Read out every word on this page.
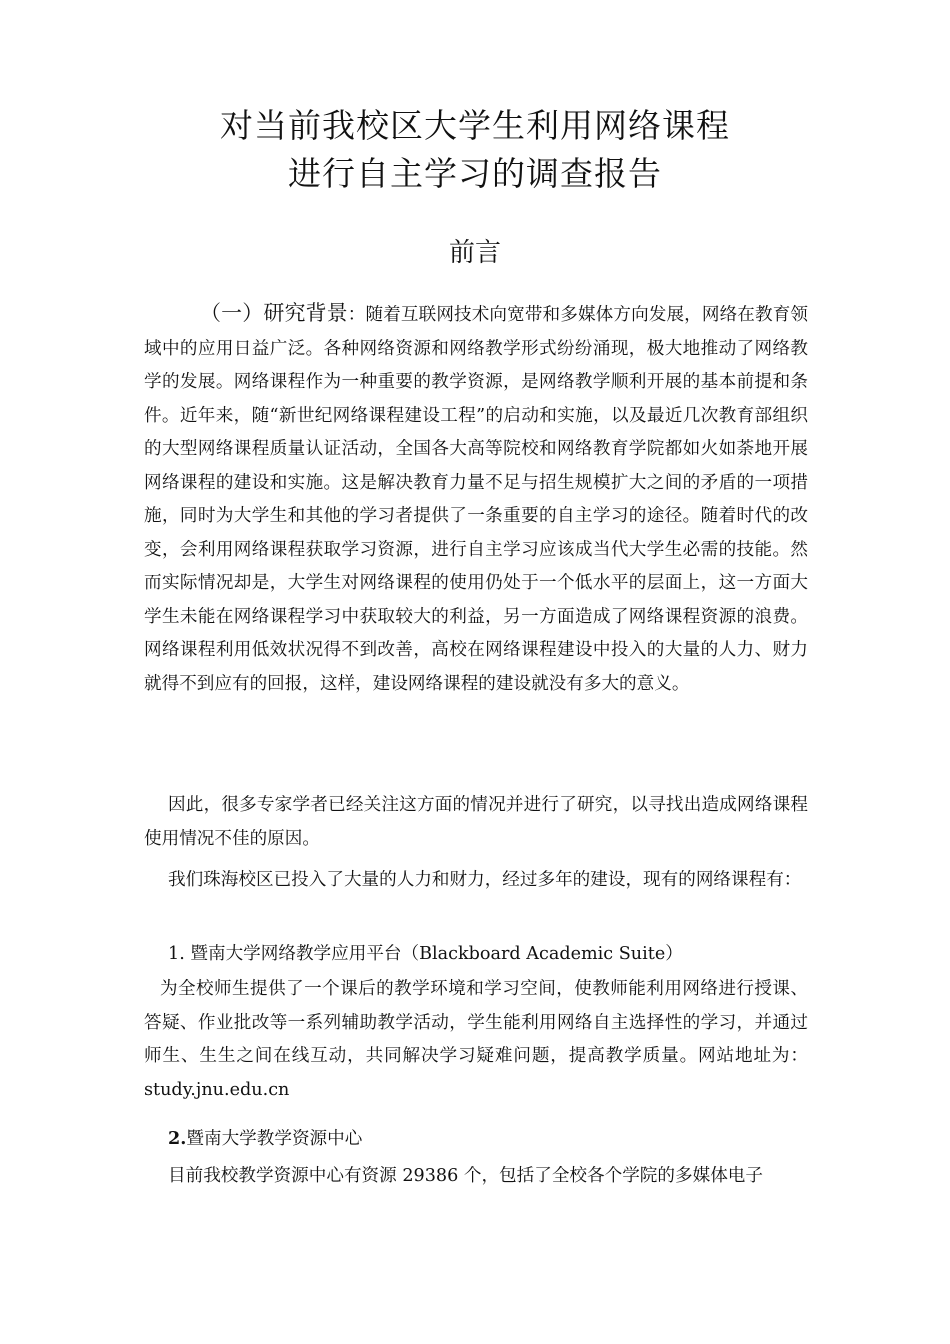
对当前我校区大学生利用网络课程
进行自主学习的调查报告
前言

（一）研究背景：随着互联网技术向宽带和多媒体方向发展，网络在教育领域中的应用日益广泛。各种网络资源和网络教学形式纷纷涌现，极大地推动了网络教学的发展。网络课程作为一种重要的教学资源，是网络教学顺利开展的基本前提和条件。近年来，随“新世纪网络课程建设工程”的启动和实施，以及最近几次教育部组织的大型网络课程质量认证活动，全国各大高等院校和网络教育学院都如火如荼地开展网络课程的建设和实施。这是解决教育力量不足与招生规模扩大之间的矛盾的一项措施，同时为大学生和其他的学习者提供了一条重要的自主学习的途径。随着时代的改变，会利用网络课程获取学习资源，进行自主学习应该成当代大学生必需的技能。然而实际情况却是，大学生对网络课程的使用仍处于一个低水平的层面上，这一方面大学生未能在网络课程学习中获取较大的利益，另一方面造成了网络课程资源的浪费。网络课程利用低效状况得不到改善，高校在网络课程建设中投入的大量的人力、财力就得不到应有的回报，这样，建设网络课程的建设就没有多大的意义。

因此，很多专家学者已经关注这方面的情况并进行了研究，以寻找出造成网络课程使用情况不佳的原因。

我们珠海校区已投入了大量的人力和财力，经过多年的建设，现有的网络课程有：

1. 暨南大学网络教学应用平台（Blackboard Academic Suite）

为全校师生提供了一个课后的教学环境和学习空间，使教师能利用网络进行授课、答疑、作业批改等一系列辅助教学活动，学生能利用网络自主选择性的学习，并通过师生、生生之间在线互动，共同解决学习疑难问题，提高教学质量。网站地址为：study.jnu.edu.cn

2.暨南大学教学资源中心

目前我校教学资源中心有资源 29386 个，包括了全校各个学院的多媒体电子
